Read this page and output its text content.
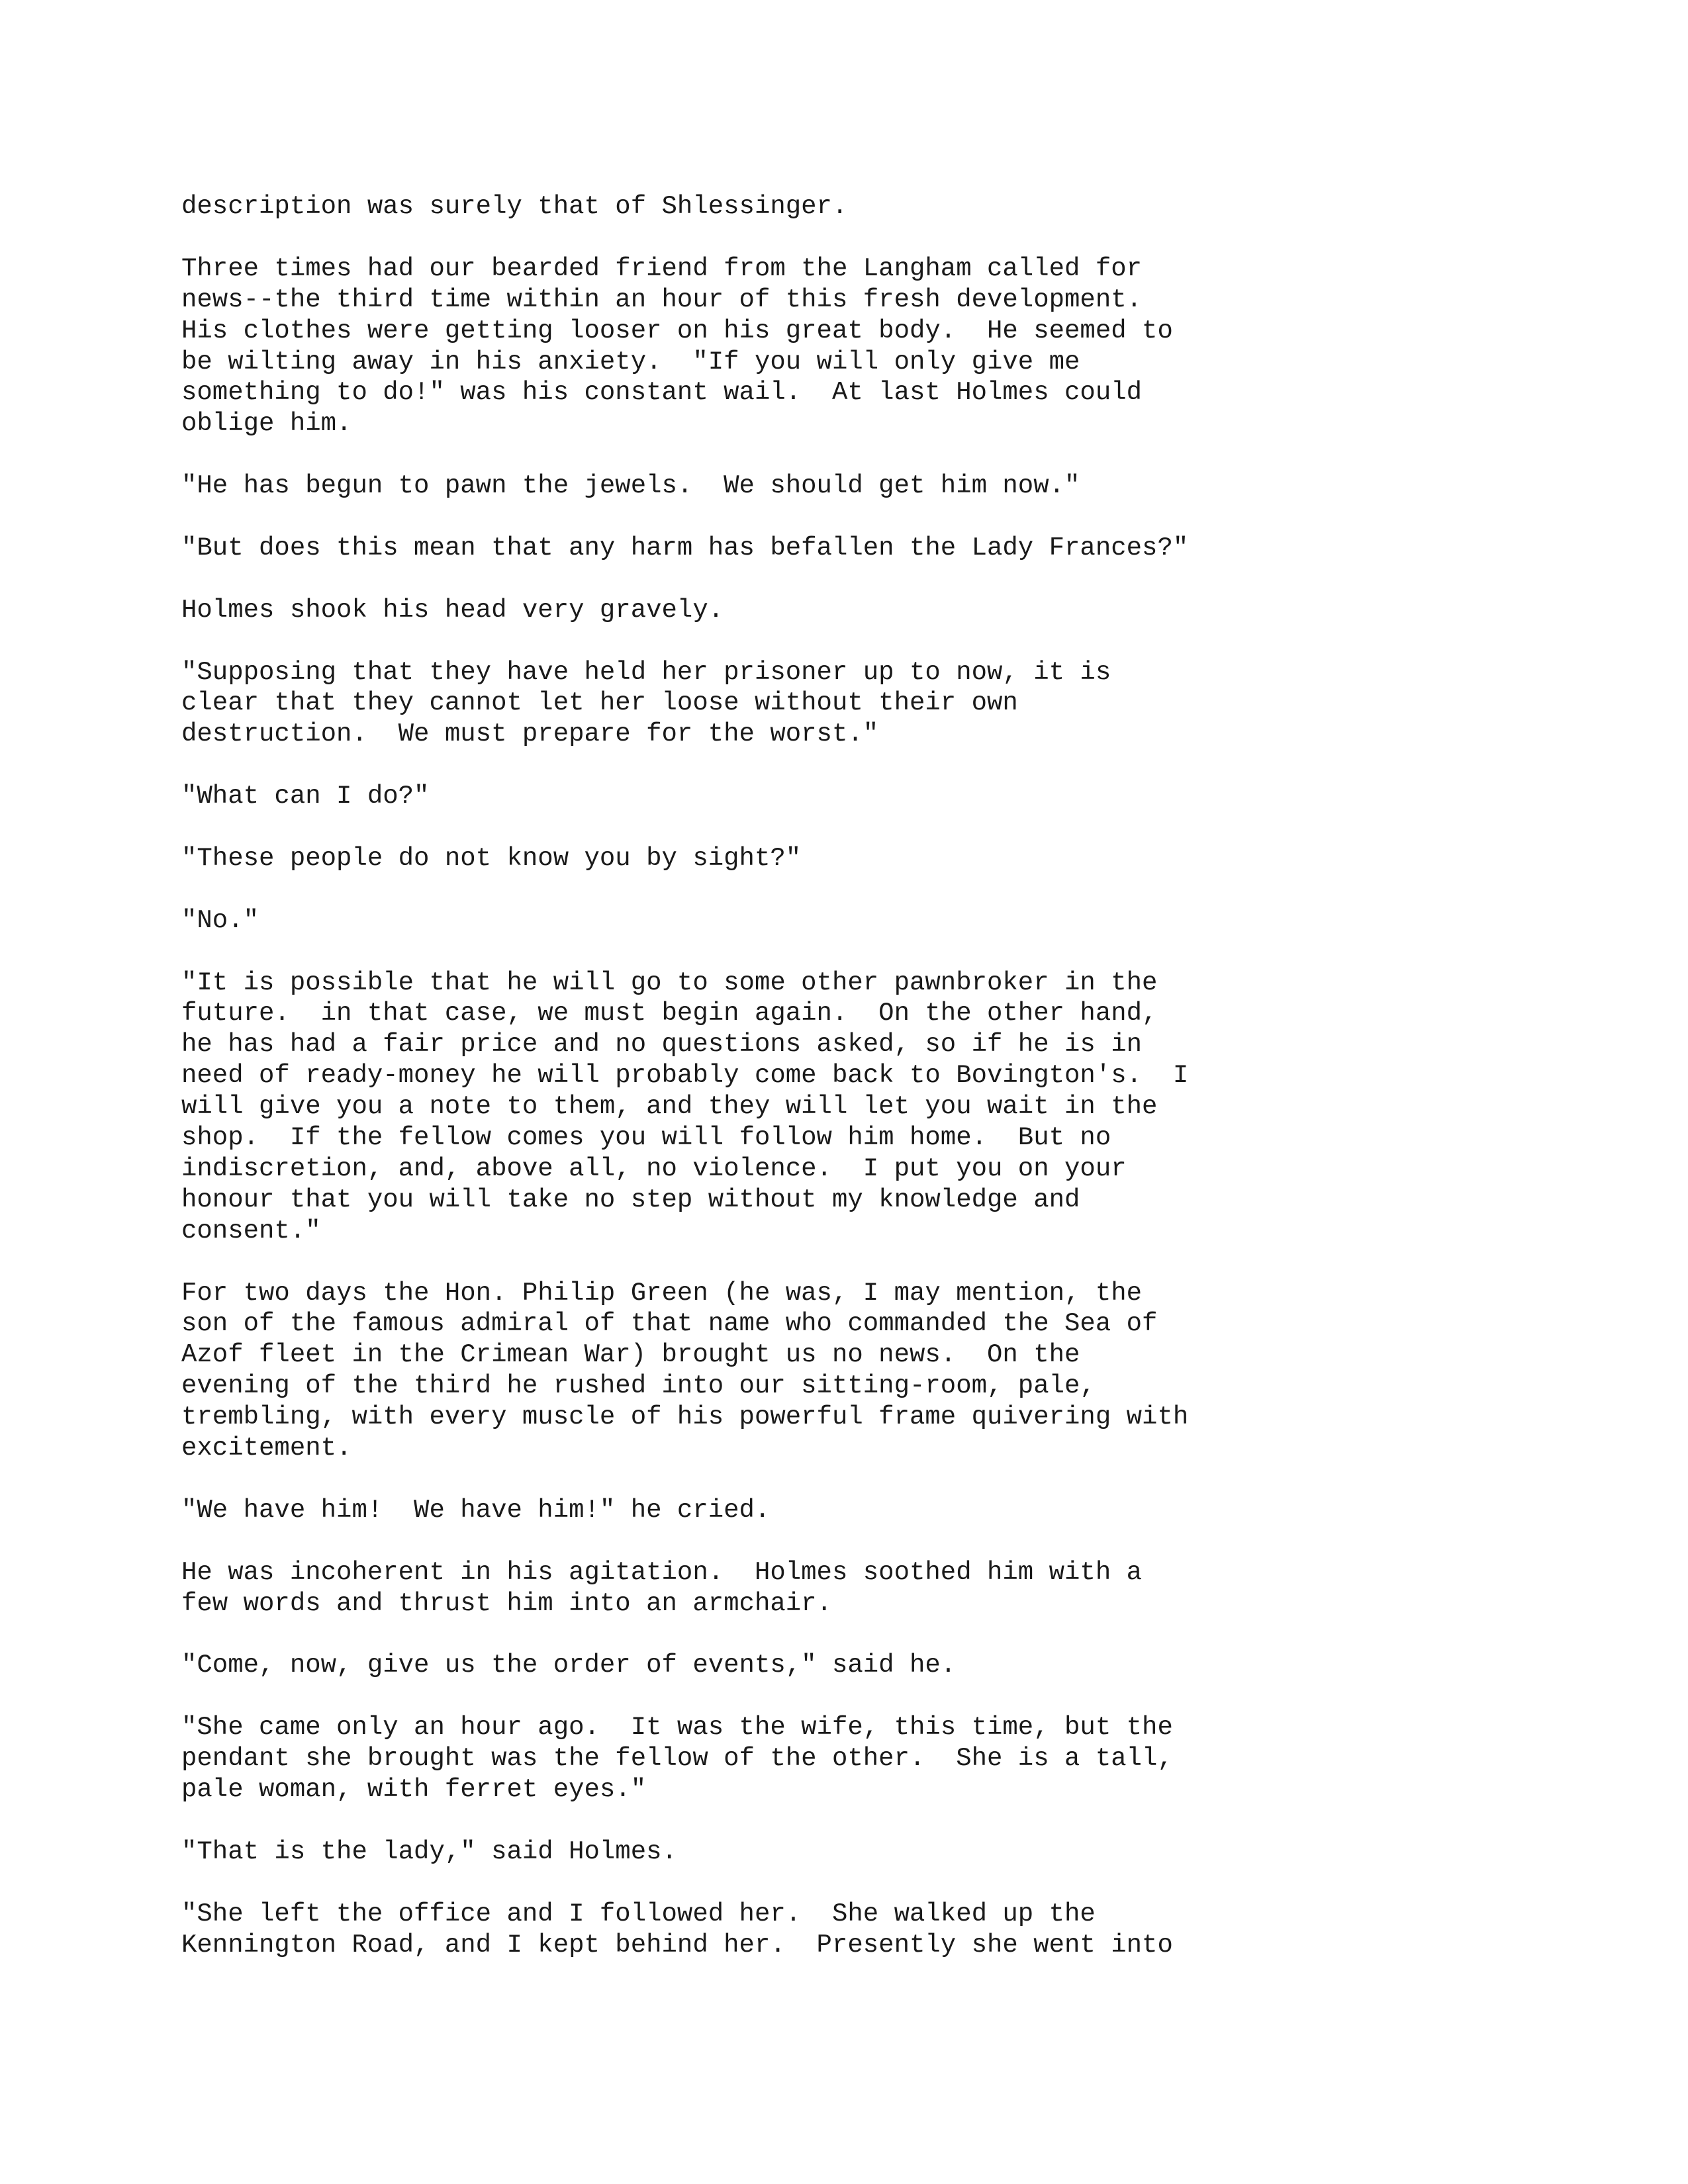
description was surely that of Shlessinger.
Three times had our bearded friend from the Langham called for
news--the third time within an hour of this fresh development.
His clothes were getting looser on his great body.  He seemed to
be wilting away in his anxiety.  "If you will only give me
something to do!" was his constant wail.  At last Holmes could
oblige him.
"He has begun to pawn the jewels.  We should get him now."
"But does this mean that any harm has befallen the Lady Frances?"
Holmes shook his head very gravely.
"Supposing that they have held her prisoner up to now, it is
clear that they cannot let her loose without their own
destruction.  We must prepare for the worst."
"What can I do?"
"These people do not know you by sight?"
"No."
"It is possible that he will go to some other pawnbroker in the
future.  in that case, we must begin again.  On the other hand,
he has had a fair price and no questions asked, so if he is in
need of ready-money he will probably come back to Bovington's.  I
will give you a note to them, and they will let you wait in the
shop.  If the fellow comes you will follow him home.  But no
indiscretion, and, above all, no violence.  I put you on your
honour that you will take no step without my knowledge and
consent."
For two days the Hon. Philip Green (he was, I may mention, the
son of the famous admiral of that name who commanded the Sea of
Azof fleet in the Crimean War) brought us no news.  On the
evening of the third he rushed into our sitting-room, pale,
trembling, with every muscle of his powerful frame quivering with
excitement.
"We have him!  We have him!" he cried.
He was incoherent in his agitation.  Holmes soothed him with a
few words and thrust him into an armchair.
"Come, now, give us the order of events," said he.
"She came only an hour ago.  It was the wife, this time, but the
pendant she brought was the fellow of the other.  She is a tall,
pale woman, with ferret eyes."
"That is the lady," said Holmes.
"She left the office and I followed her.  She walked up the
Kennington Road, and I kept behind her.  Presently she went into
